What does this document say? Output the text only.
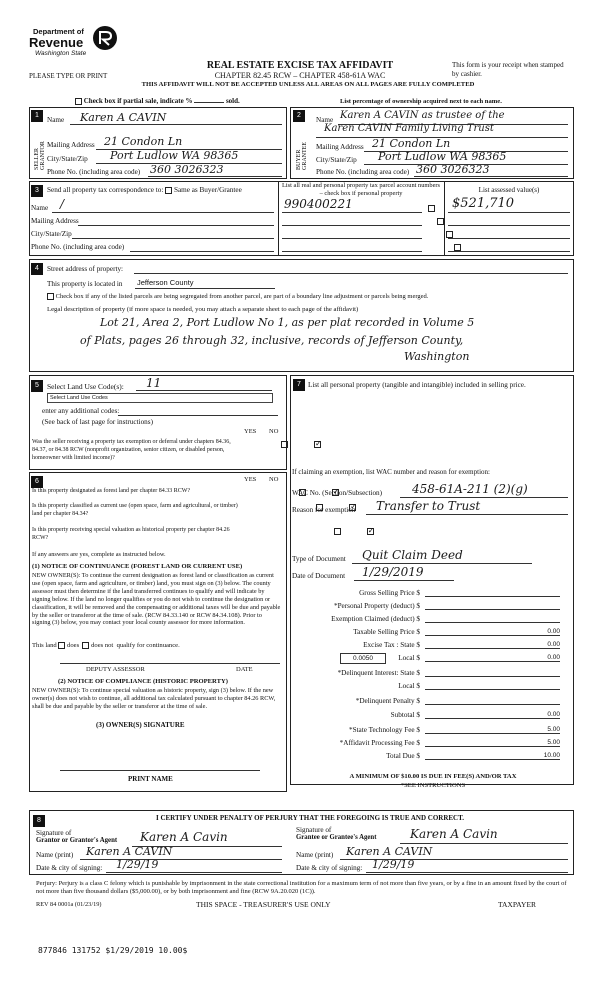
Department of
Revenue
Washington State
REAL ESTATE EXCISE TAX AFFIDAVIT
CHAPTER 82.45 RCW – CHAPTER 458-61A WAC
THIS AFFIDAVIT WILL NOT BE ACCEPTED UNLESS ALL AREAS ON ALL PAGES ARE FULLY COMPLETED
PLEASE TYPE OR PRINT
This form is your receipt when stamped by cashier.
Check box if partial sale, indicate %	sold.	List percentage of ownership acquired next to each name.
1	2
SELLER GRANTOR	BUYER GRANTEE
Name Karen A CAVIN
Mailing Address 21 Condon Ln
City/State/Zip Port Ludlow WA 98365
Phone No. (including area code) 360 3026323
Name Karen A CAVIN as trustee of the
Karen CAVIN Family Living Trust
Mailing Address 21 Condon Ln
City/State/Zip Port Ludlow WA 98365
Phone No. (including area code) 360 3026323
3	Send all property tax correspondence to: Same as Buyer/Grantee
Name /
Mailing Address
City/State/Zip
Phone No. (including area code)
List all real and personal property tax parcel account numbers – check box if personal property	List assessed value(s)
990400221	$521,710

4	Street address of property:
This property is located in Jefferson County
Check box if any of the listed parcels are being segregated from another parcel, are part of a boundary line adjustment or parcels being merged.
Legal description of property (if more space is needed, you may attach a separate sheet to each page of the affidavit)
Lot 21, Area 2, Port Ludlow No 1, as per plat recorded in Volume 5
of Plats, pages 26 through 32, inclusive, records of Jefferson County,
Washington
5	Select Land Use Code(s): 11
Select Land Use Codes
enter any additional codes:
(See back of last page for instructions)
YES NO
Was the seller receiving a property tax exemption or deferral under chapters 84.36, 84.37, or 84.38 RCW (nonprofit organization, senior citizen, or disabled person, homeowner with limited income)?
✓
7 List all personal property (tangible and intangible) included in selling price.
If claiming an exemption, list WAC number and reason for exemption:
WAC No. (Section/Subsection) 458-61A-211 (2)(g)
Reason for exemption Transfer to Trust
Type of Document Quit Claim Deed
Date of Document 1/29/2019
Gross Selling Price $

*Personal Property (deduct) $

Exemption Claimed (deduct) $

Taxable Selling Price $	0.00
Excise Tax : State $	0.00
0.0050	Local $	0.00
*Delinquent Interest: State $

Local $

*Delinquent Penalty $

Subtotal $	0.00
*State Technology Fee $	5.00
*Affidavit Processing Fee $	5.00
Total Due $	10.00
A MINIMUM OF $10.00 IS DUE IN FEE(S) AND/OR TAX
*SEE INSTRUCTIONS
6	YES NO
Is this property designated as forest land per chapter 84.33 RCW?
✓
Is this property classified as current use (open space, farm and agricultural, or timber) land per chapter 84.34?
✓
Is this property receiving special valuation as historical property per chapter 84.26 RCW?
✓
If any answers are yes, complete as instructed below.
(1) NOTICE OF CONTINUANCE (FOREST LAND OR CURRENT USE)
NEW OWNER(S): To continue the current designation as forest land or classification as current use (open space, farm and agriculture, or timber) land, you must sign on (3) below. The county assessor must then determine if the land transferred continues to qualify and will indicate by signing below. If the land no longer qualifies or you do not wish to continue the designation or classification, it will be removed and the compensating or additional taxes will be due and payable by the seller or transferor at the time of sale. (RCW 84.33.140 or RCW 84.34.108). Prior to signing (3) below, you may contact your local county assessor for more information.
This land does does not qualify for continuance.
DEPUTY ASSESSOR	DATE
(2) NOTICE OF COMPLIANCE (HISTORIC PROPERTY)
NEW OWNER(S): To continue special valuation as historic property, sign (3) below. If the new owner(s) does not wish to continue, all additional tax calculated pursuant to chapter 84.26 RCW, shall be due and payable by the seller or transferor at the time of sale.
(3) OWNER(S) SIGNATURE
PRINT NAME
8	I CERTIFY UNDER PENALTY OF PERJURY THAT THE FOREGOING IS TRUE AND CORRECT.
Signature of
Grantor or Grantor's Agent Karen A Cavin
Name (print) Karen A CAVIN
Date & city of signing: 1/29/19
Signature of
Grantee or Grantee's Agent	Karen A Cavin
Name (print) Karen A CAVIN
Date & city of signing: 1/29/19
Perjury: Perjury is a class C felony which is punishable by imprisonment in the state correctional institution for a maximum term of not more than five years, or by a fine in an amount fixed by the court of not more than five thousand dollars ($5,000.00), or by both imprisonment and fine (RCW 9A.20.020 (1C)).
REV 84 0001a (01/23/19)	THIS SPACE - TREASURER'S USE ONLY	TAXPAYER
877846 131752 $1/29/2019 10.00$
